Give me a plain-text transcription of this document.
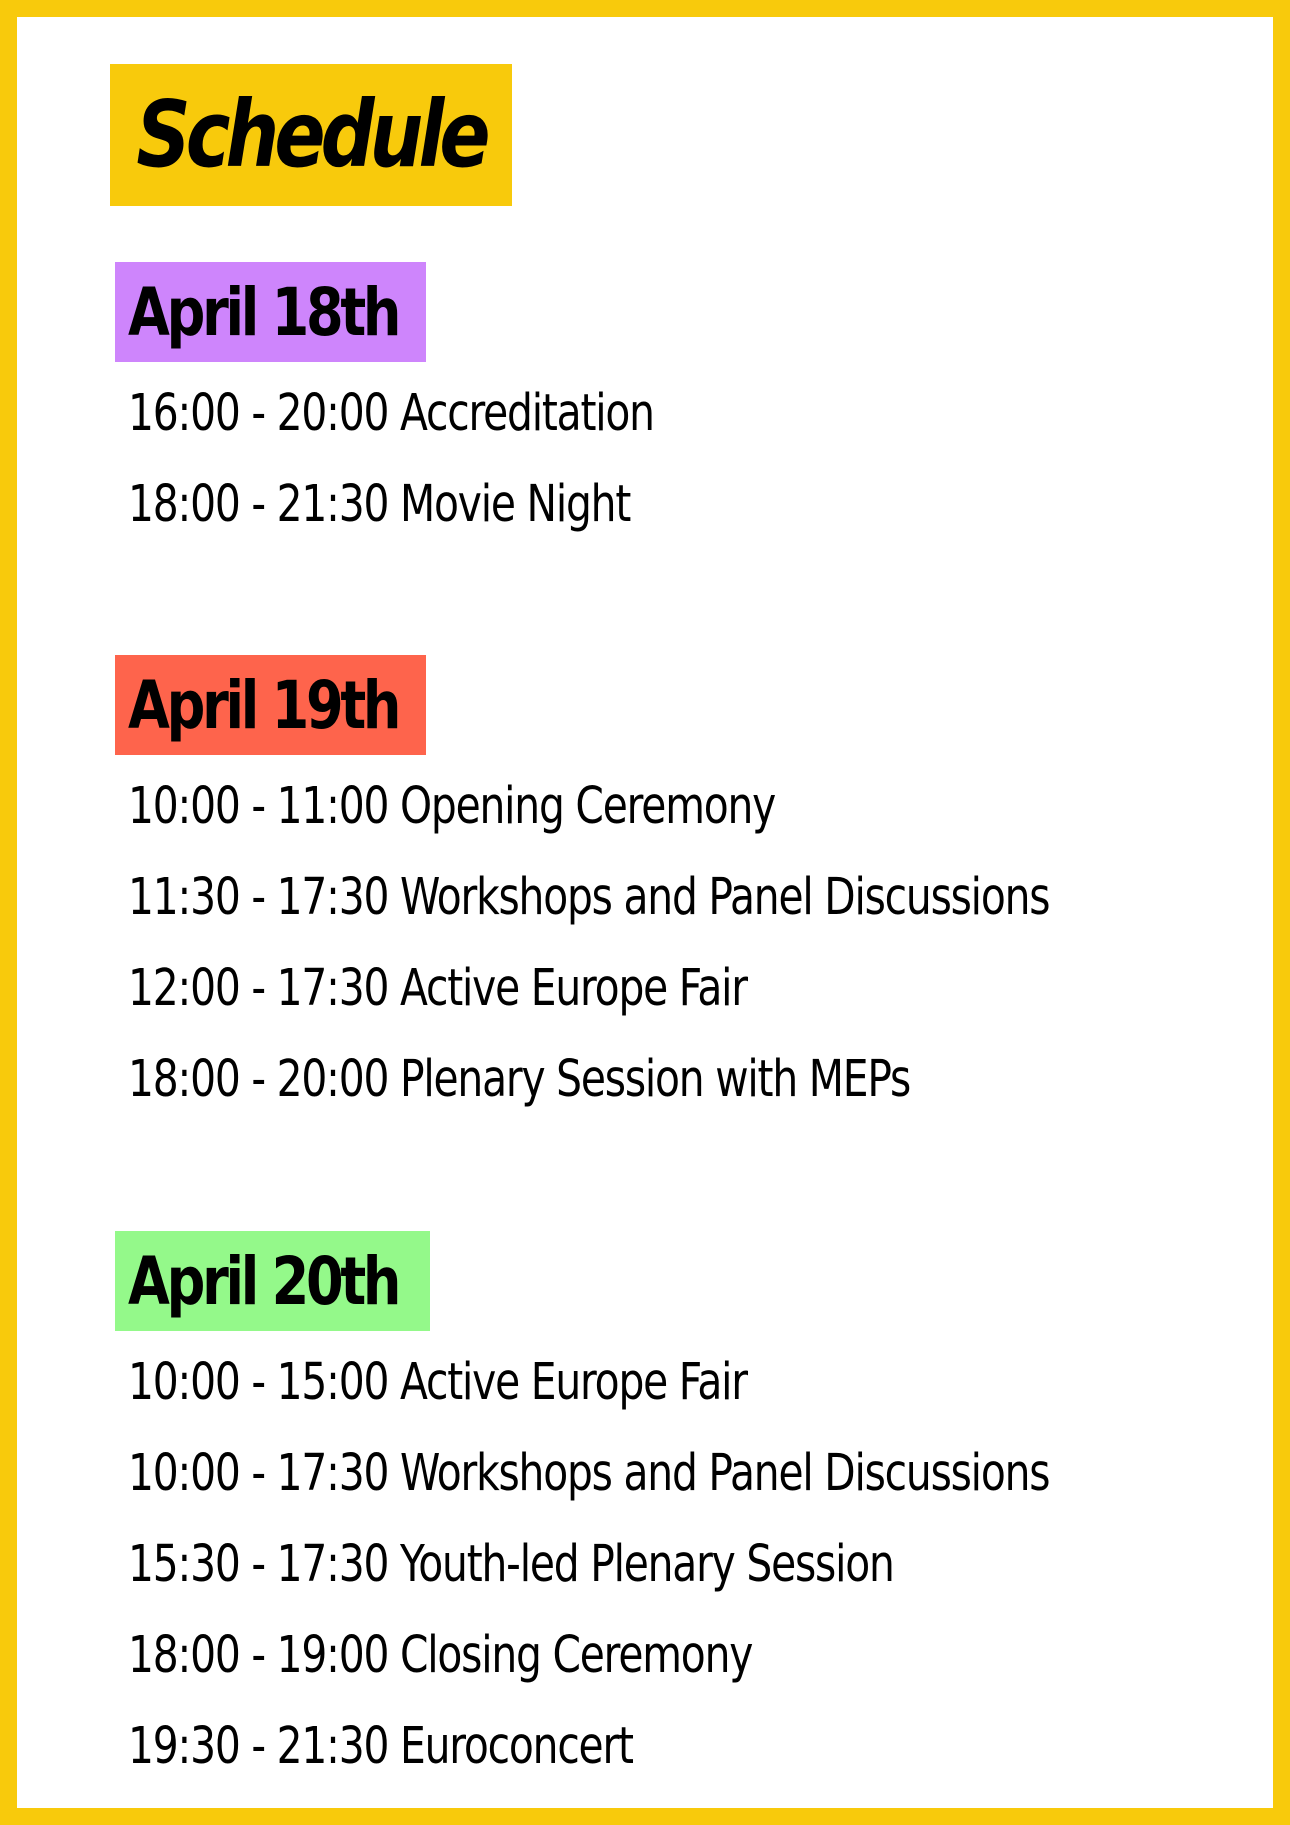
Schedule
April 18th
16:00 - 20:00 Accreditation
18:00 - 21:30 Movie Night
April 19th
10:00 - 11:00 Opening Ceremony
11:30 - 17:30 Workshops and Panel Discussions
12:00 - 17:30 Active Europe Fair
18:00 - 20:00 Plenary Session with MEPs
April 20th
10:00 - 15:00 Active Europe Fair
10:00 - 17:30 Workshops and Panel Discussions
15:30 - 17:30 Youth-led Plenary Session
18:00 - 19:00 Closing Ceremony
19:30 - 21:30 Euroconcert
